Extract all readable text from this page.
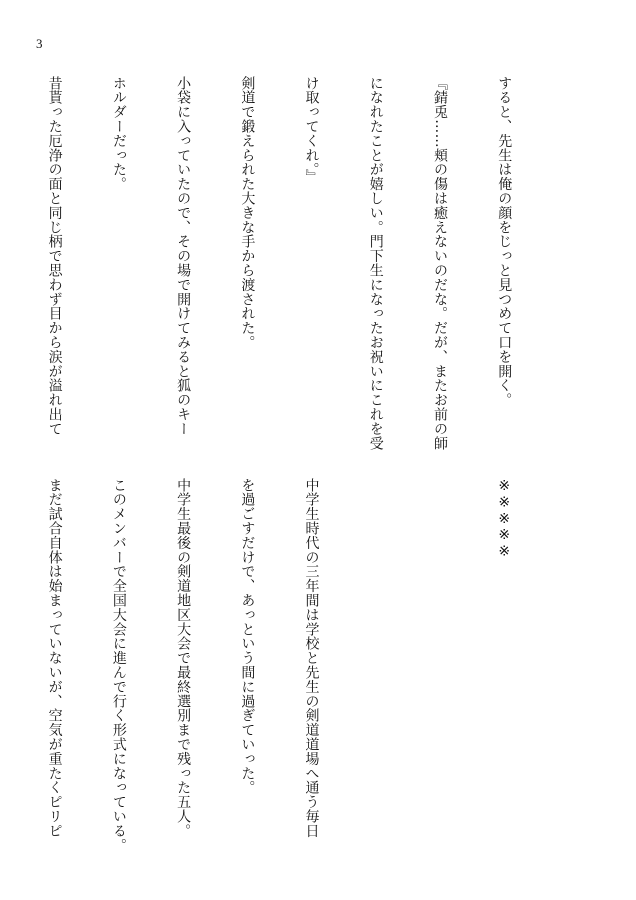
3

すると、先生は俺の顔をじっと見つめて口を開く。

『錆兎……頬の傷は癒えないのだな。だが、またお前の師

になれたことが嬉しい。門下生になったお祝いにこれを受

け取ってくれ。』

剣道で鍛えられた大きな手から渡された。

小袋に入っていたので、その場で開けてみると狐のキー

ホルダーだった。

昔貰った厄浄の面と同じ柄で思わず目から涙が溢れ出て

※※※※※

中学生時代の三年間は学校と先生の剣道道場へ通う毎日

を過ごすだけで、あっという間に過ぎていった。

中学生最後の剣道地区大会で最終選別まで残った五人。

このメンバーで全国大会に進んで行く形式になっている。

まだ試合自体は始まっていないが、空気が重たくピリピ
